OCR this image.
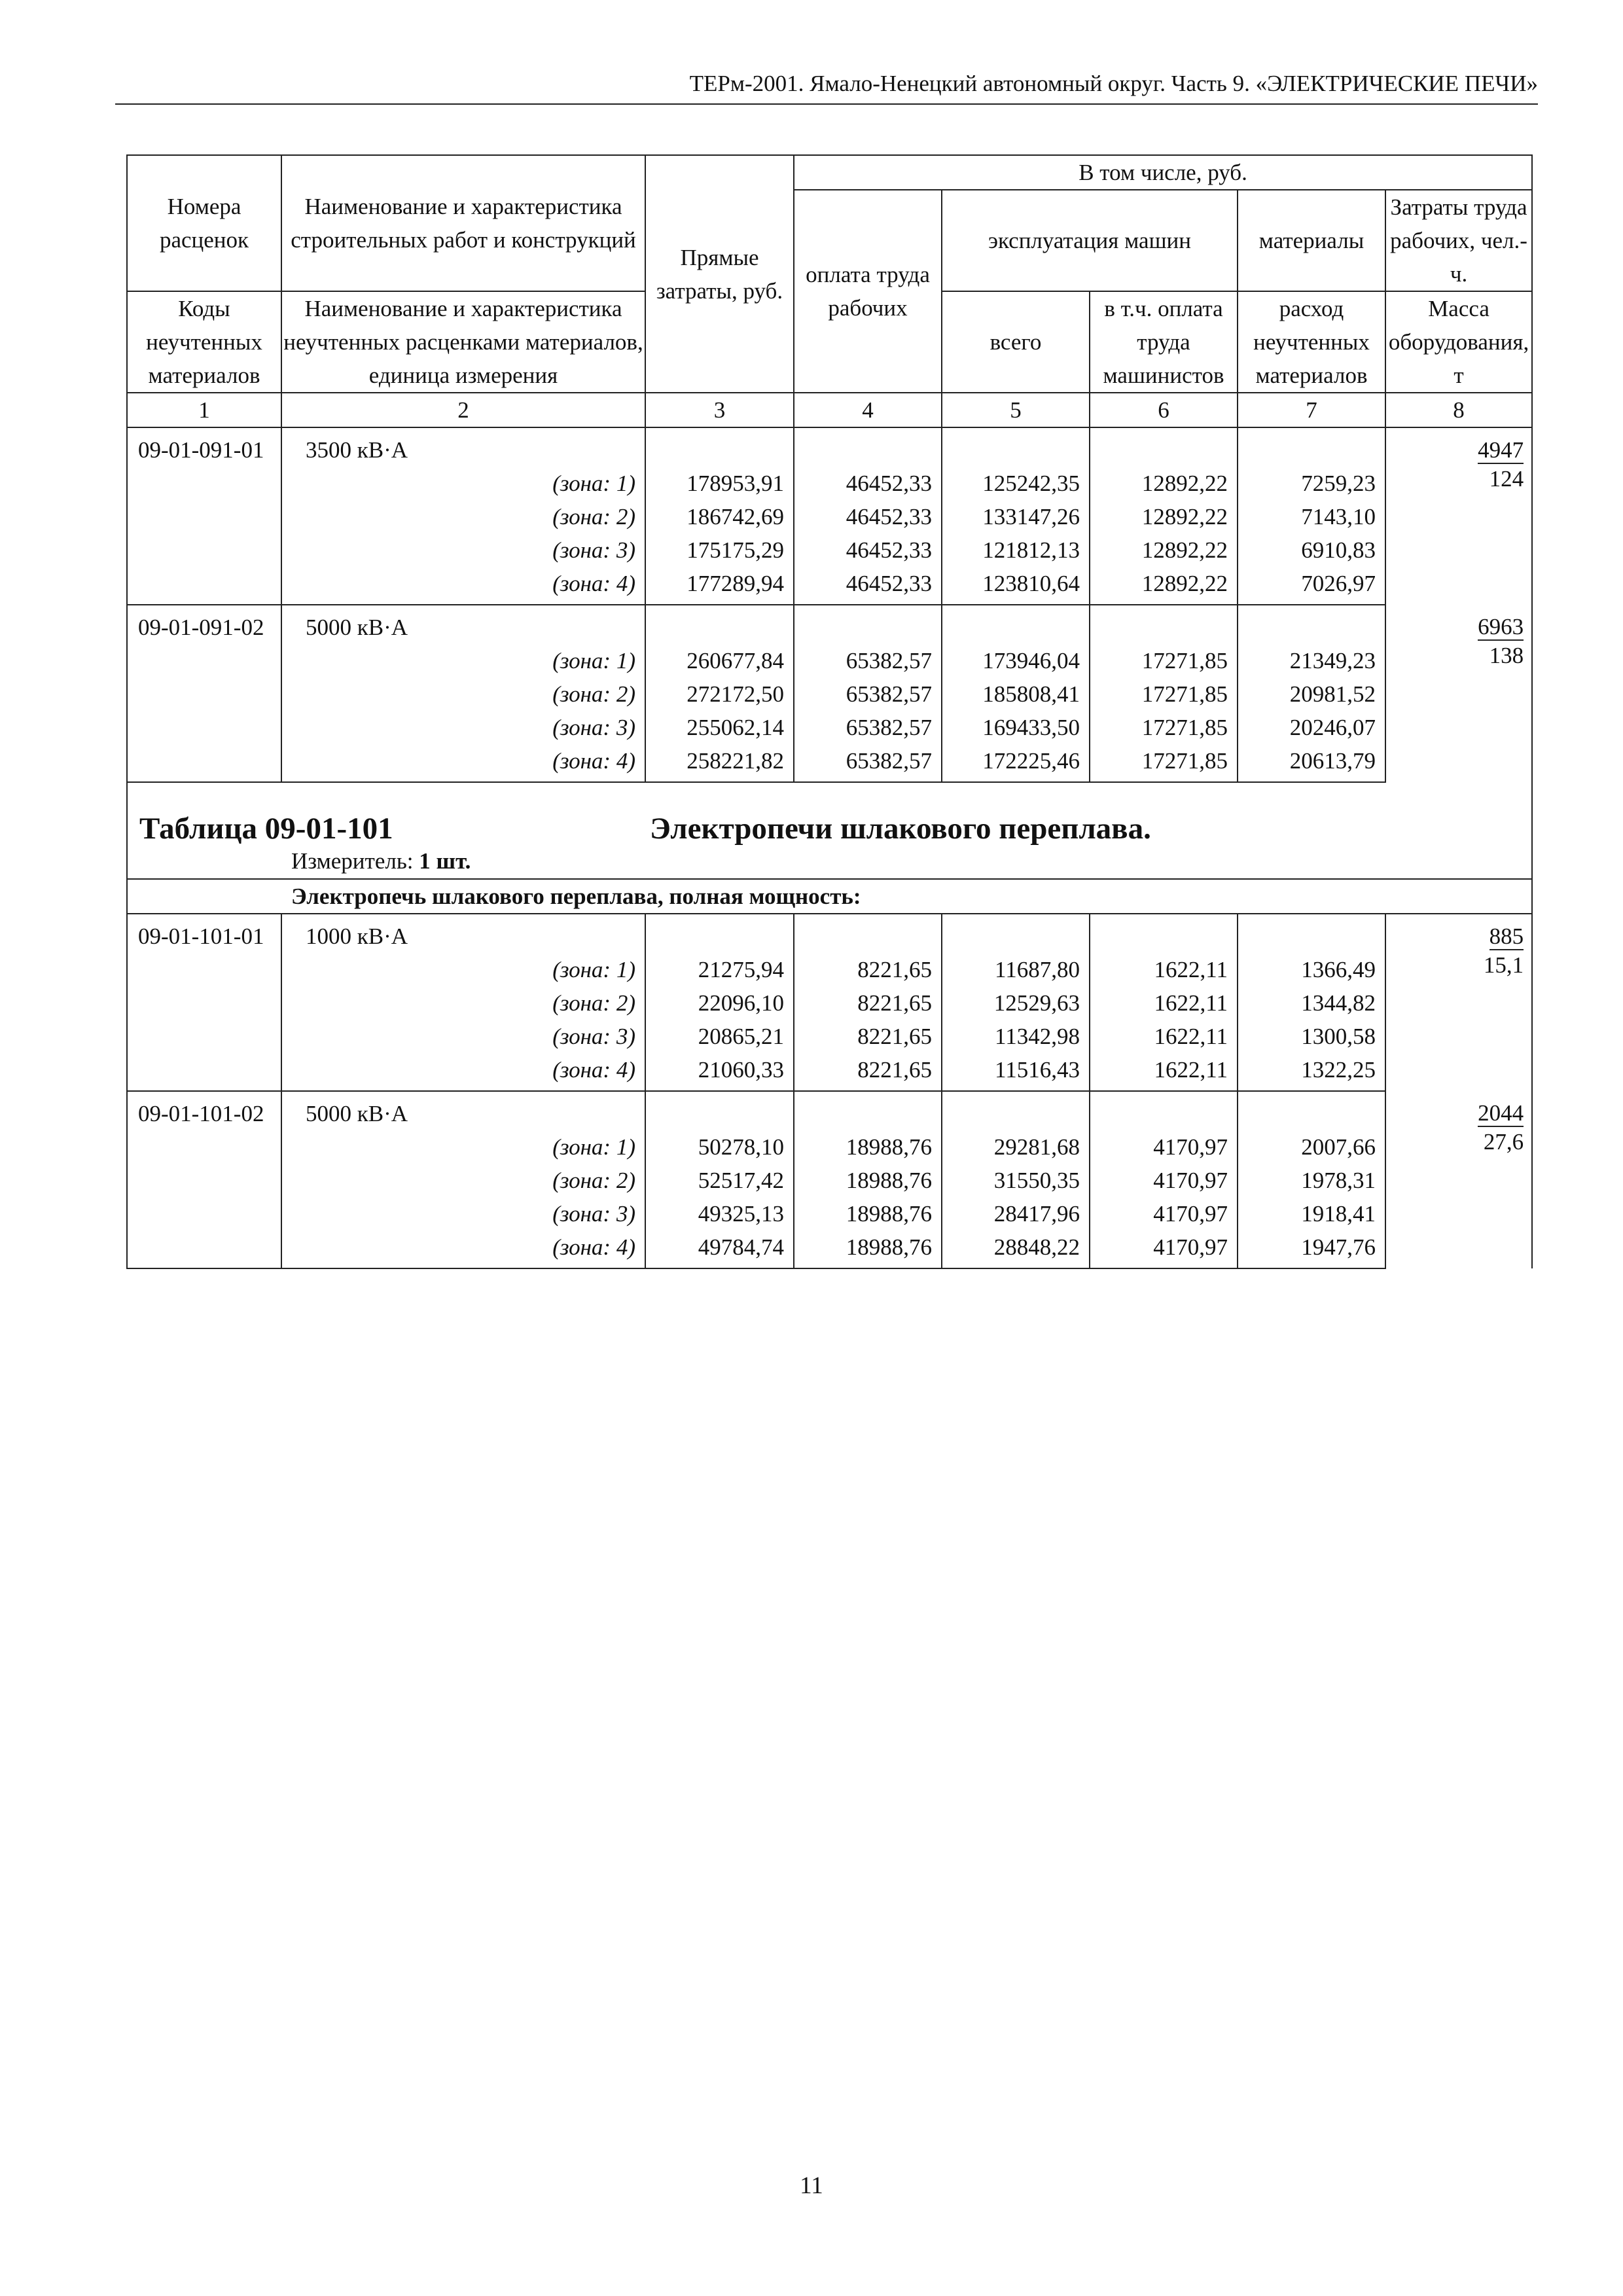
ТЕРм-2001. Ямало-Ненецкий автономный округ. Часть 9. «ЭЛЕКТРИЧЕСКИЕ ПЕЧИ»
Номера расценок	Наименование и характеристика строительных работ и конструкций	Прямые затраты, руб.	В том числе, руб.				
			оплата труда рабочих	эксплуатация машин		материалы	Затраты труда рабочих, чел.-ч.
Коды неучтенных материалов	Наименование и характеристика неучтенных расценками материалов, единица измерения			всего	в т.ч. оплата труда машинистов	расход неучтенных материалов	Масса оборудования, т
1	2	3	4	5	6	7	8
09-01-091-01	3500 кВ·А						4947
124

	(зона: 1)	178953,91	46452,33	125242,35	12892,22	7259,23	
	(зона: 2)	186742,69	46452,33	133147,26	12892,22	7143,10	
	(зона: 3)	175175,29	46452,33	121812,13	12892,22	6910,83	
	(зона: 4)	177289,94	46452,33	123810,64	12892,22	7026,97	
09-01-091-02	5000 кВ·А						6963
138

	(зона: 1)	260677,84	65382,57	173946,04	17271,85	21349,23	
	(зона: 2)	272172,50	65382,57	185808,41	17271,85	20981,52	
	(зона: 3)	255062,14	65382,57	169433,50	17271,85	20246,07	
	(зона: 4)	258221,82	65382,57	172225,46	17271,85	20613,79	
Таблица 09-01-101 Электропечи шлакового переплава.							
Измеритель: 1 шт.							
Электропечь шлакового переплава, полная мощность:							
09-01-101-01	1000 кВ·А						885
15,1

	(зона: 1)	21275,94	8221,65	11687,80	1622,11	1366,49	
	(зона: 2)	22096,10	8221,65	12529,63	1622,11	1344,82	
	(зона: 3)	20865,21	8221,65	11342,98	1622,11	1300,58	
	(зона: 4)	21060,33	8221,65	11516,43	1622,11	1322,25	
09-01-101-02	5000 кВ·А						2044
27,6

	(зона: 1)	50278,10	18988,76	29281,68	4170,97	2007,66	
	(зона: 2)	52517,42	18988,76	31550,35	4170,97	1978,31	
	(зона: 3)	49325,13	18988,76	28417,96	4170,97	1918,41	
	(зона: 4)	49784,74	18988,76	28848,22	4170,97	1947,76	
11
